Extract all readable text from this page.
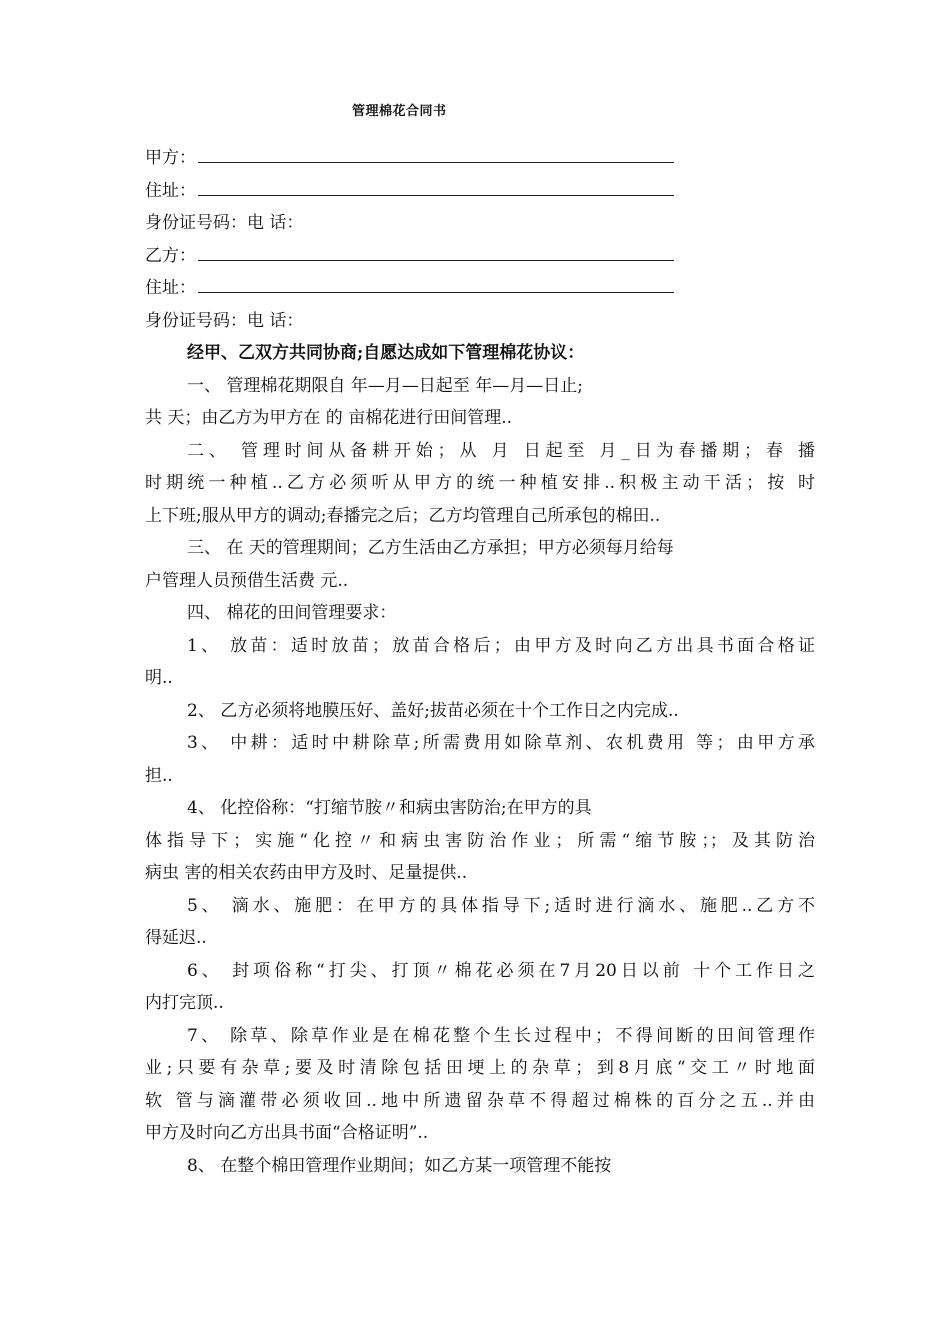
管理棉花合同书
甲方：
住址：
身份证号码：电 话：
乙方：
住址：
身份证号码：电 话：
经甲、乙双方共同协商;自愿达成如下管理棉花协议：
一、 管理棉花期限自 年—月—日起至 年—月—日止;
共 天；由乙方为甲方在 的 亩棉花进行田间管理..
二、 管理时间从备耕开始；从 月 日起至 月_日为春播期；春 播
时期统一种植..乙方必须听从甲方的统一种植安排..积极主动干活；按 时
上下班;服从甲方的调动;春播完之后；乙方均管理自己所承包的棉田..
三、 在 天的管理期间；乙方生活由乙方承担；甲方必须每月给每
户管理人员预借生活费 元..
四、 棉花的田间管理要求：
1、 放苗：适时放苗；放苗合格后；由甲方及时向乙方出具书面合格证
明..
2、 乙方必须将地膜压好、盖好;拔苗必须在十个工作日之内完成..
3、 中耕：适时中耕除草;所需费用如除草剂、农机费用 等；由甲方承
担..
4、 化控俗称：“打缩节胺〃和病虫害防治;在甲方的具
体指导下；实施“化控〃和病虫害防治作业；所需“缩节胺；；及其防治
病虫 害的相关农药由甲方及时、足量提供..
5、 滴水、施肥：在甲方的具体指导下;适时进行滴水、施肥..乙方不
得延迟..
6、 封项俗称“打尖、打顶〃棉花必须在7月20日以前 十个工作日之
内打完顶..
7、 除草、除草作业是在棉花整个生长过程中；不得间断的田间管理作
业;只要有杂草;要及时清除包括田埂上的杂草；到8月底“交工〃时地面
软 管与滴灌带必须收回..地中所遗留杂草不得超过棉株的百分之五..并由
甲方及时向乙方出具书面“合格证明”..
8、 在整个棉田管理作业期间；如乙方某一项管理不能按
